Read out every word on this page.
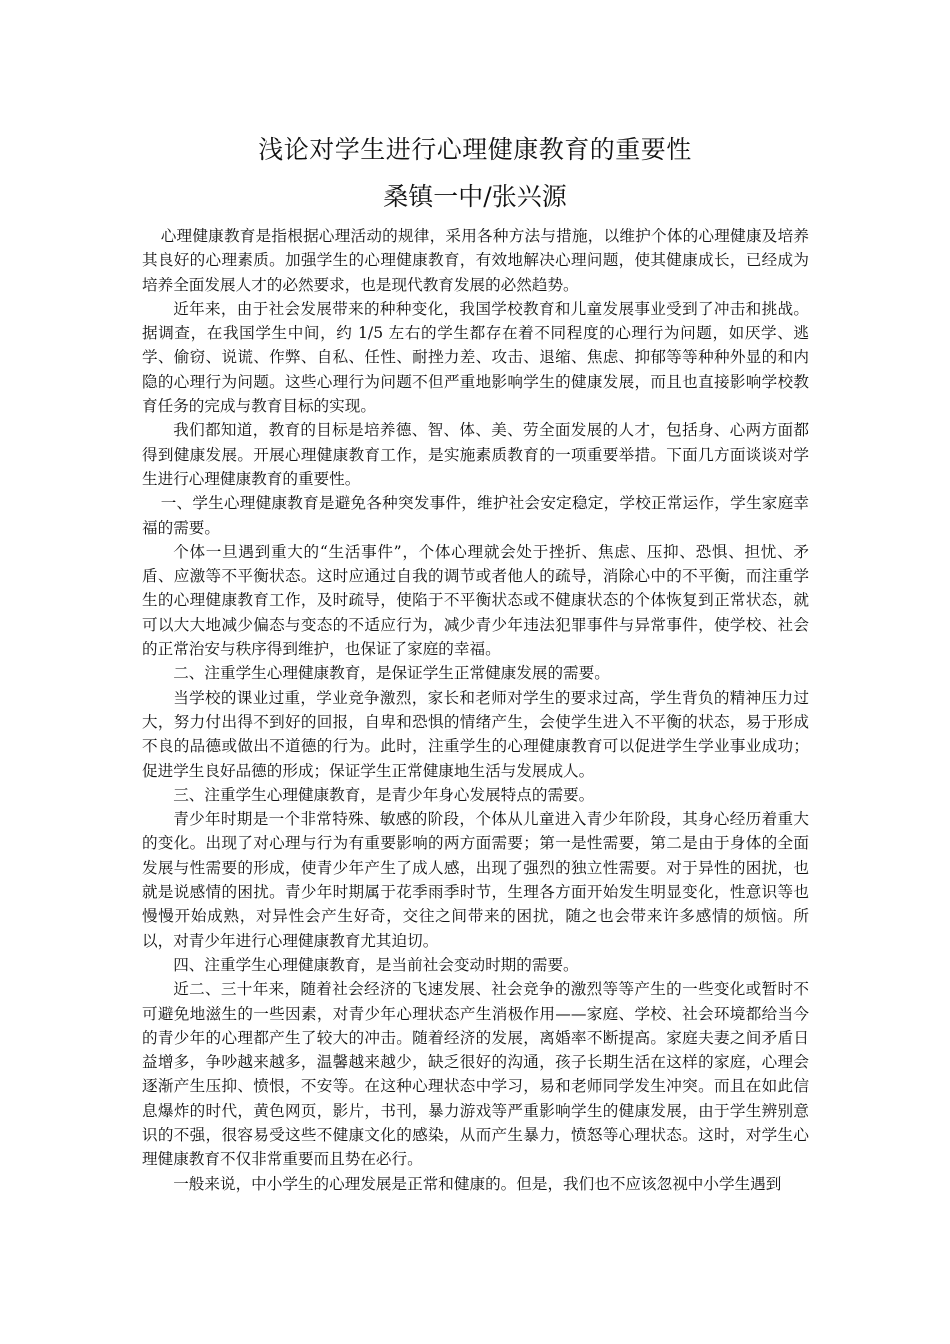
浅论对学生进行心理健康教育的重要性
桑镇一中/张兴源

心理健康教育是指根据心理活动的规律，采用各种方法与措施，以维护个体的心理健康及培养其良好的心理素质。加强学生的心理健康教育，有效地解决心理问题，使其健康成长，已经成为培养全面发展人才的必然要求，也是现代教育发展的必然趋势。

近年来，由于社会发展带来的种种变化，我国学校教育和儿童发展事业受到了冲击和挑战。据调查，在我国学生中间，约 1/5 左右的学生都存在着不同程度的心理行为问题，如厌学、逃学、偷窃、说谎、作弊、自私、任性、耐挫力差、攻击、退缩、焦虑、抑郁等等种种外显的和内隐的心理行为问题。这些心理行为问题不但严重地影响学生的健康发展，而且也直接影响学校教育任务的完成与教育目标的实现。

我们都知道，教育的目标是培养德、智、体、美、劳全面发展的人才，包括身、心两方面都得到健康发展。开展心理健康教育工作，是实施素质教育的一项重要举措。下面几方面谈谈对学生进行心理健康教育的重要性。

一、学生心理健康教育是避免各种突发事件，维护社会安定稳定，学校正常运作，学生家庭幸福的需要。

个体一旦遇到重大的“生活事件”，个体心理就会处于挫折、焦虑、压抑、恐惧、担忧、矛盾、应激等不平衡状态。这时应通过自我的调节或者他人的疏导，消除心中的不平衡，而注重学生的心理健康教育工作，及时疏导，使陷于不平衡状态或不健康状态的个体恢复到正常状态，就可以大大地减少偏态与变态的不适应行为，减少青少年违法犯罪事件与异常事件，使学校、社会的正常治安与秩序得到维护，也保证了家庭的幸福。

二、注重学生心理健康教育，是保证学生正常健康发展的需要。

当学校的课业过重，学业竞争激烈，家长和老师对学生的要求过高，学生背负的精神压力过大，努力付出得不到好的回报，自卑和恐惧的情绪产生，会使学生进入不平衡的状态，易于形成不良的品德或做出不道德的行为。此时，注重学生的心理健康教育可以促进学生学业事业成功；促进学生良好品德的形成；保证学生正常健康地生活与发展成人。

三、注重学生心理健康教育，是青少年身心发展特点的需要。

青少年时期是一个非常特殊、敏感的阶段，个体从儿童进入青少年阶段，其身心经历着重大的变化。出现了对心理与行为有重要影响的两方面需要；第一是性需要，第二是由于身体的全面发展与性需要的形成，使青少年产生了成人感，出现了强烈的独立性需要。对于异性的困扰，也就是说感情的困扰。青少年时期属于花季雨季时节，生理各方面开始发生明显变化，性意识等也慢慢开始成熟，对异性会产生好奇，交往之间带来的困扰，随之也会带来许多感情的烦恼。所以，对青少年进行心理健康教育尤其迫切。

四、注重学生心理健康教育，是当前社会变动时期的需要。

近二、三十年来，随着社会经济的飞速发展、社会竞争的激烈等等产生的一些变化或暂时不可避免地滋生的一些因素，对青少年心理状态产生消极作用——家庭、学校、社会环境都给当今的青少年的心理都产生了较大的冲击。随着经济的发展，离婚率不断提高。家庭夫妻之间矛盾日益增多，争吵越来越多，温馨越来越少，缺乏很好的沟通，孩子长期生活在这样的家庭，心理会逐渐产生压抑、愤恨，不安等。在这种心理状态中学习，易和老师同学发生冲突。而且在如此信息爆炸的时代，黄色网页，影片，书刊，暴力游戏等严重影响学生的健康发展，由于学生辨别意识的不强，很容易受这些不健康文化的感染，从而产生暴力，愤怒等心理状态。这时，对学生心理健康教育不仅非常重要而且势在必行。

一般来说，中小学生的心理发展是正常和健康的。但是，我们也不应该忽视中小学生遇到
